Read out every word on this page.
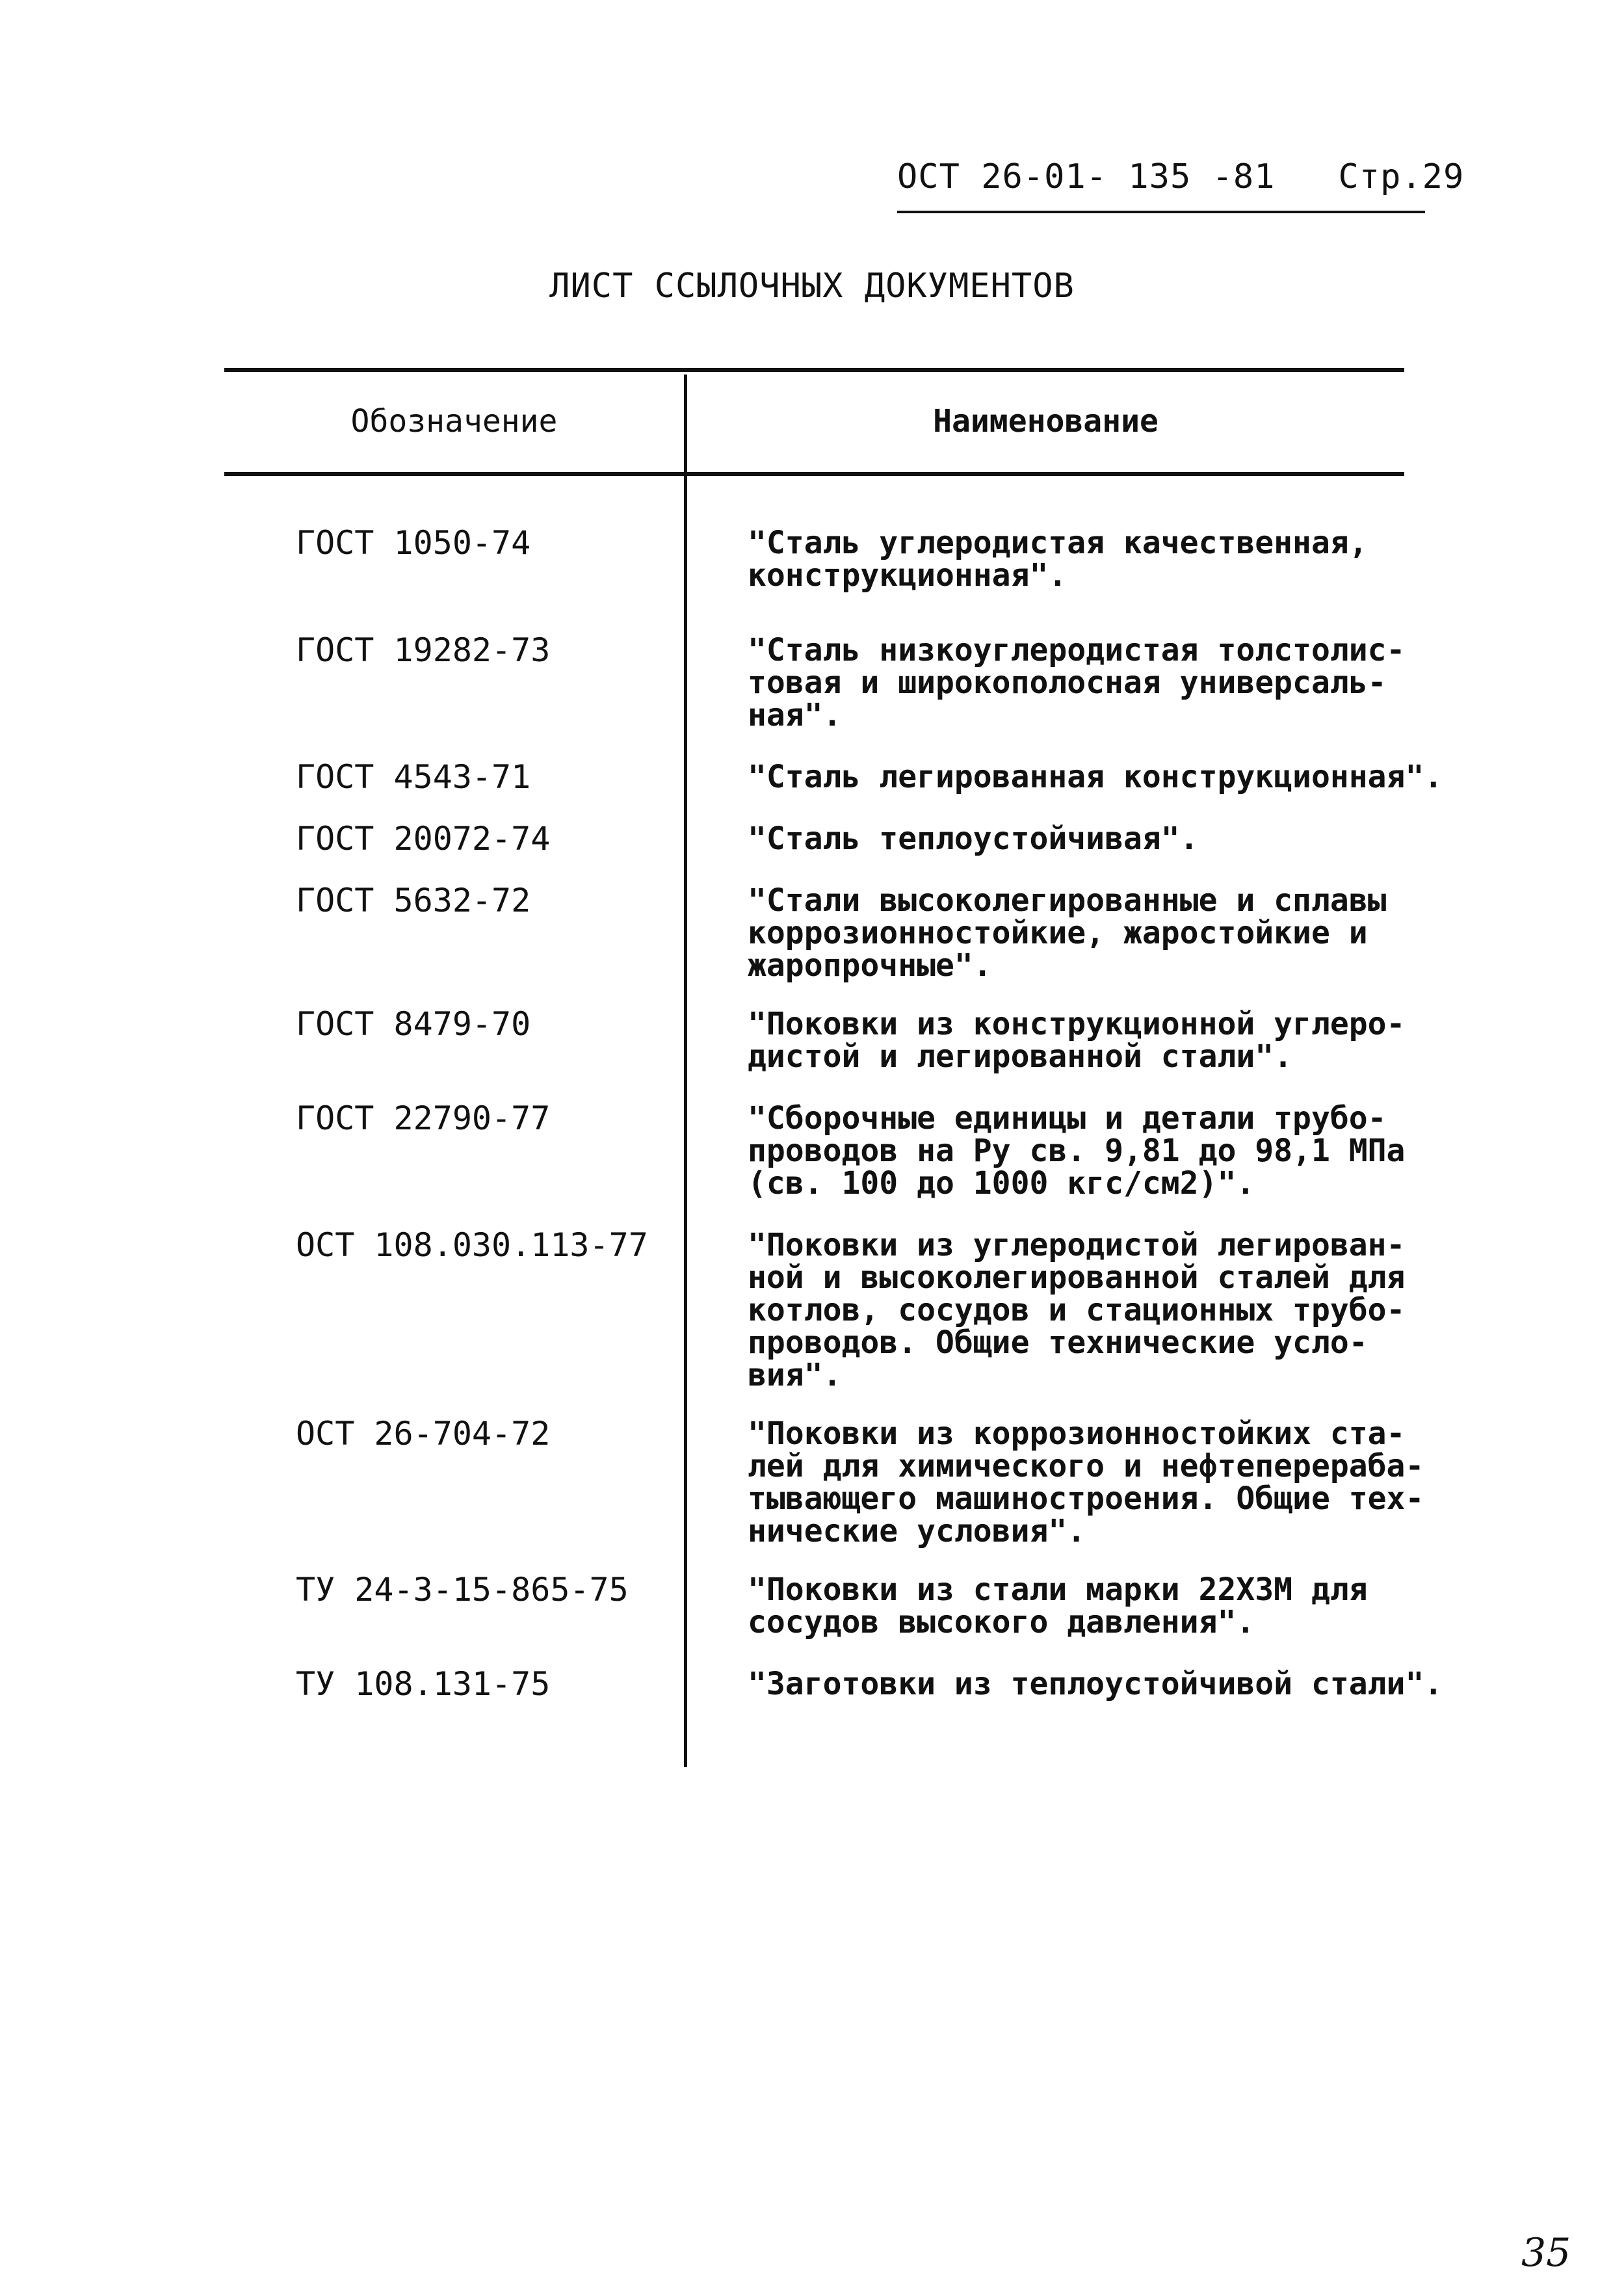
ОСТ 26-01- 135 -81 Стр.29
ЛИСТ ССЫЛОЧНЫХ ДОКУМЕНТОВ
Обозначение	Наименование
ГОСТ 1050-74	"Сталь углеродистая качественная,
конструкционная".
ГОСТ 19282-73	"Сталь низкоуглеродистая толстолис-
товая и широкополосная универсаль-
ная".
ГОСТ 4543-71	"Сталь легированная конструкционная".
ГОСТ 20072-74	"Сталь теплоустойчивая".
ГОСТ 5632-72	"Стали высоколегированные и сплавы
коррозионностойкие, жаростойкие и
жаропрочные".
ГОСТ 8479-70	"Поковки из конструкционной углеро-
дистой и легированной стали".
ГОСТ 22790-77	"Сборочные единицы и детали трубо-
проводов на Ру св. 9,81 до 98,1 МПа
(св. 100 до 1000 кгс/см2)".
ОСТ 108.030.113-77	"Поковки из углеродистой легирован-
ной и высоколегированной сталей для
котлов, сосудов и стационных трубо-
проводов. Общие технические усло-
вия".
ОСТ 26-704-72	"Поковки из коррозионностойких ста-
лей для химического и нефтеперераба-
тывающего машиностроения. Общие тех-
нические условия".
ТУ 24-3-15-865-75	"Поковки из стали марки 22Х3М для
сосудов высокого давления".
ТУ 108.131-75	"Заготовки из теплоустойчивой стали".
35
